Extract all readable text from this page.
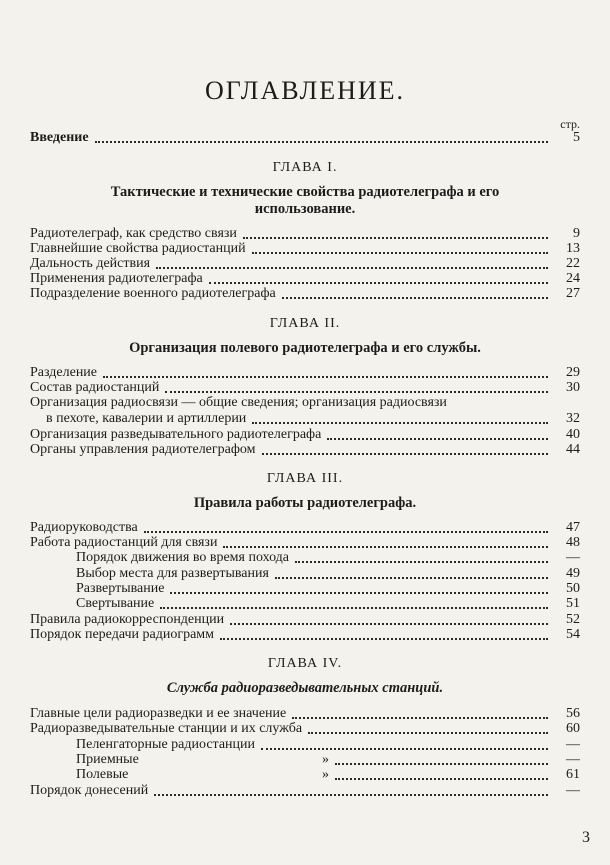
ОГЛАВЛЕНИЕ.
стр.
Введение	5
ГЛАВА I.
Тактические и технические свойства радиотелеграфа и его использование.
Радиотелеграф, как средство связи	9
Главнейшие свойства радиостанций	13
Дальность действия	22
Применения радиотелеграфа	24
Подразделение военного радиотелеграфа	27
ГЛАВА II.
Организация полевого радиотелеграфа и его службы.
Разделение	29
Состав радиостанций	30
Организация радиосвязи — общие сведения; организация радиосвязи
в пехоте, кавалерии и артиллерии	32
Организация разведывательного радиотелеграфа	40
Органы управления радиотелеграфом	44
ГЛАВА III.
Правила работы радиотелеграфа.
Радиоруководства	47
Работа радиостанций для связи	48
Порядок движения во время похода	—
Выбор места для развертывания	49
Развертывание	50
Свертывание	51
Правила радиокорреспонденции	52
Порядок передачи радиограмм	54
ГЛАВА IV.
Служба радиоразведывательных станций.
Главные цели радиоразведки и ее значение	56
Радиоразведывательные станции и их служба	60
Пеленгаторные радиостанции	—
Приемные	»	—
Полевые	»	61
Порядок донесений	—
3
